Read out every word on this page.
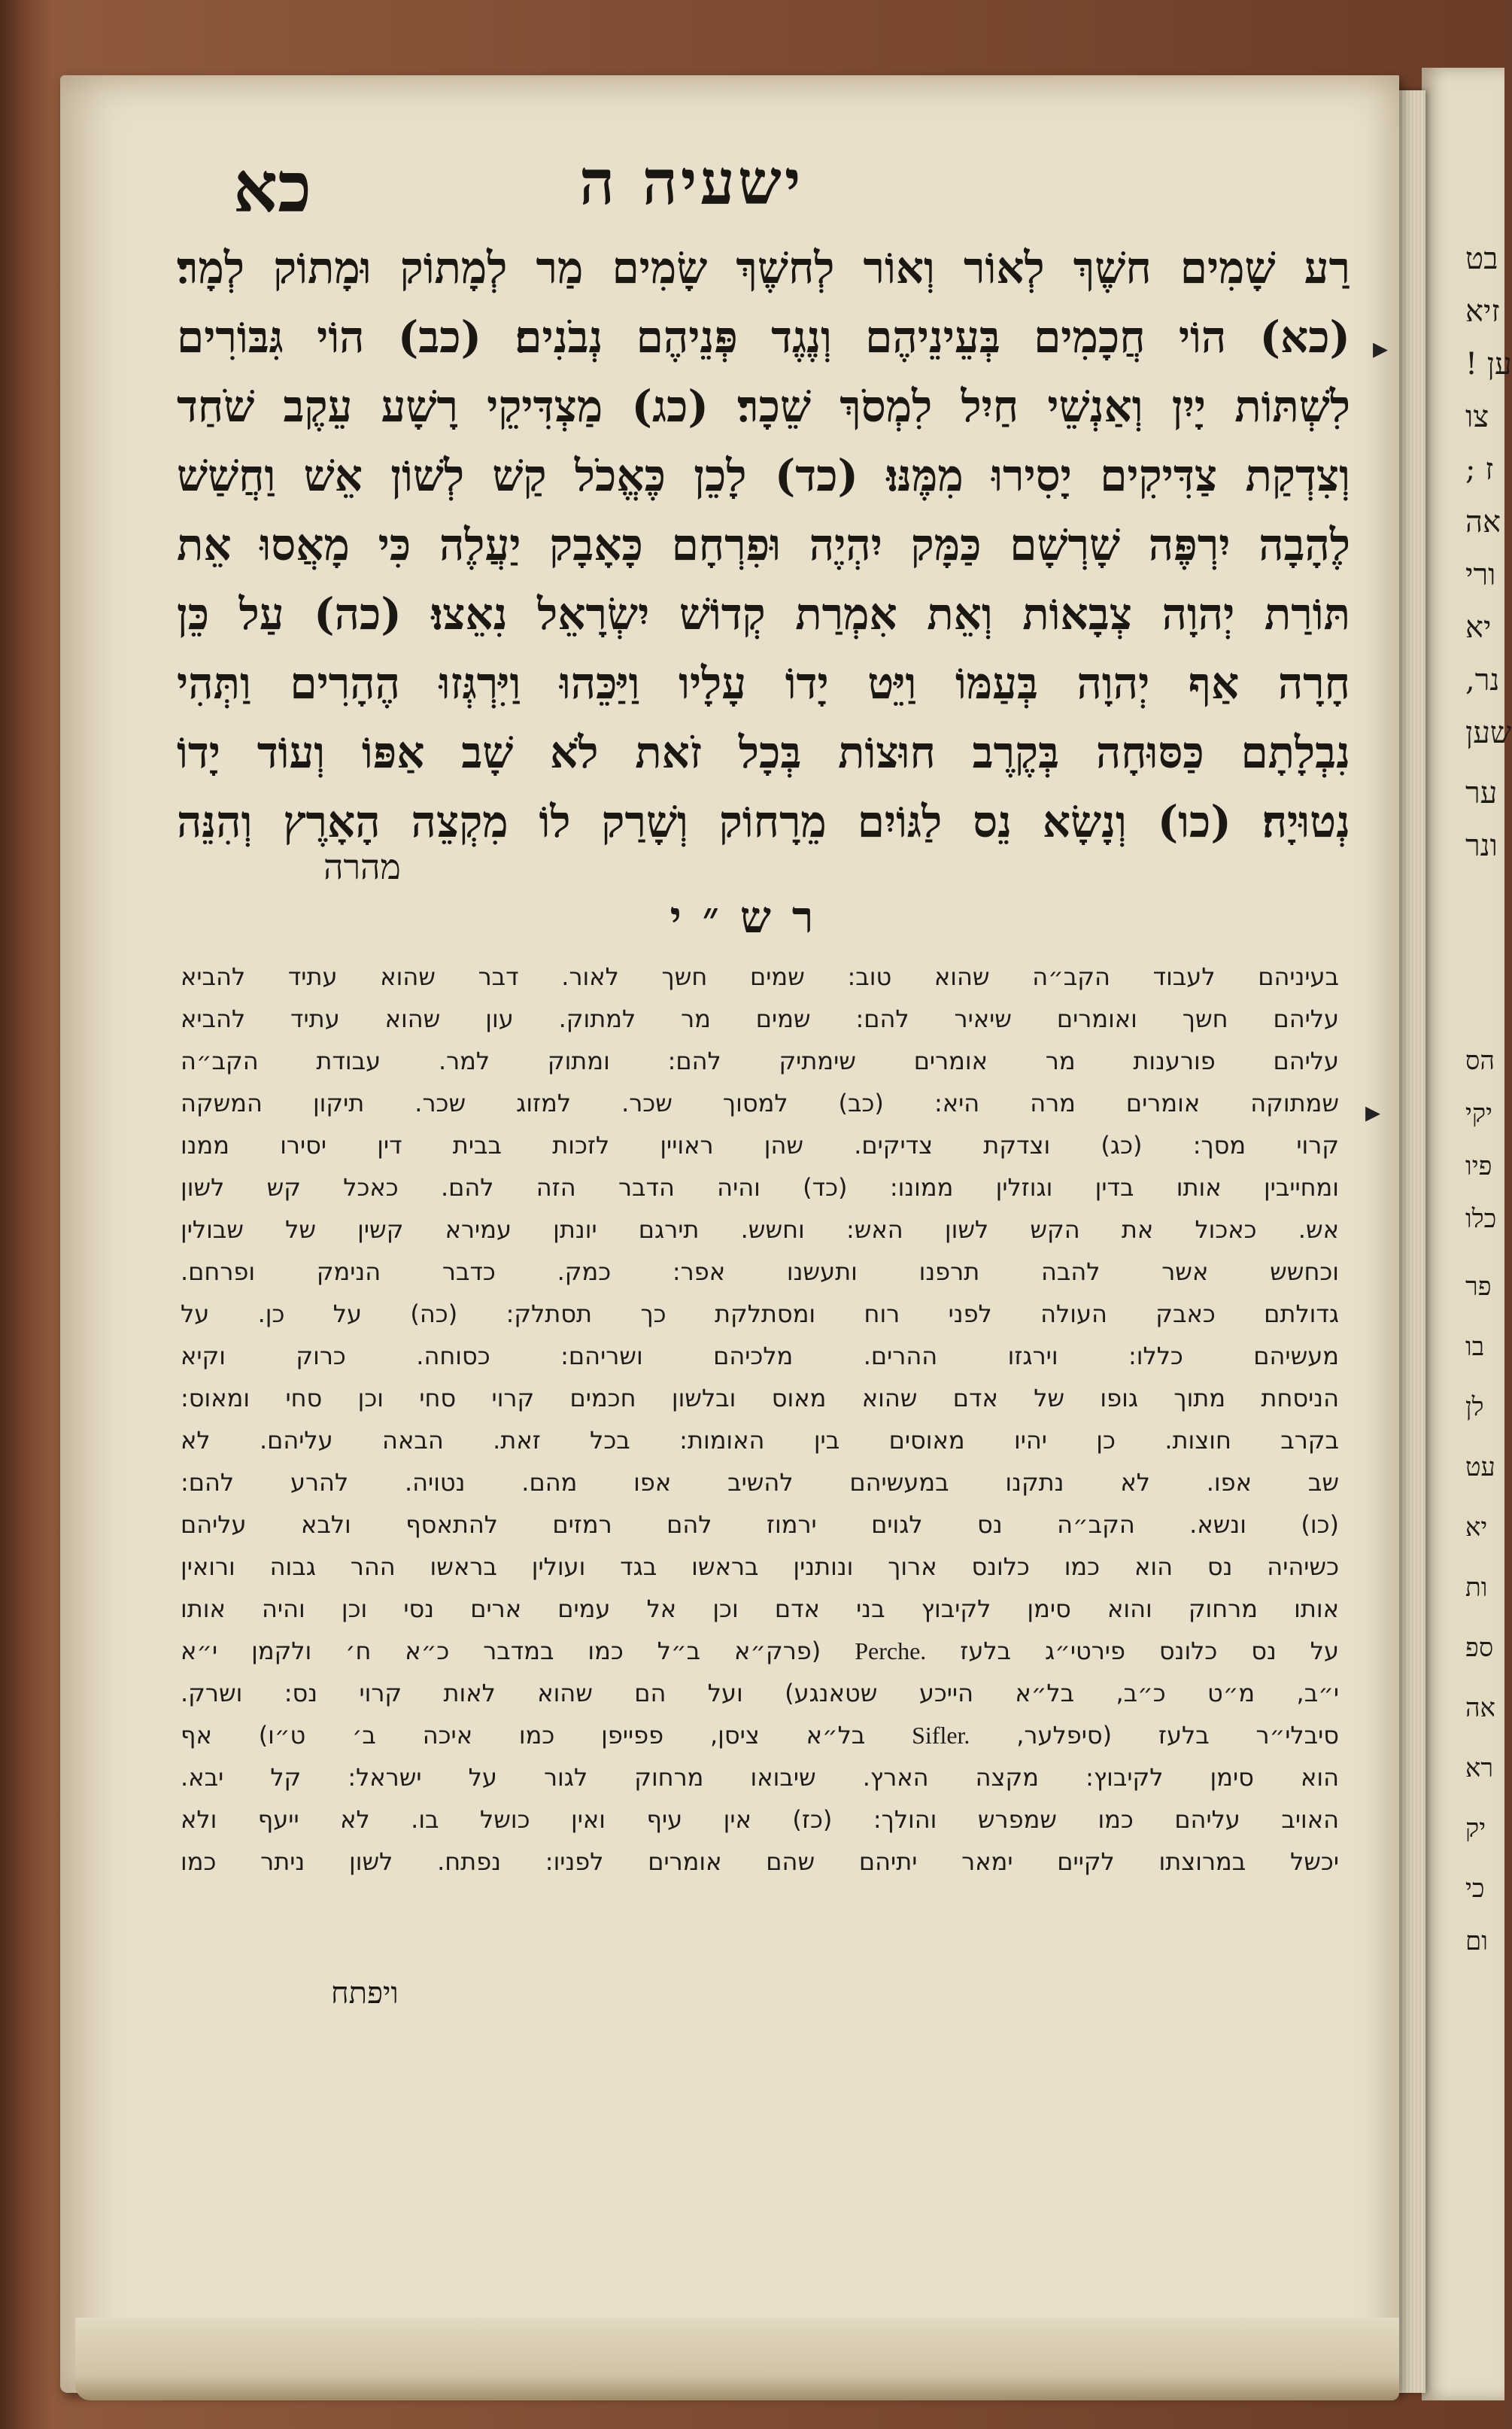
בט
זיא
ען !
צו
ז ;
אה
ורי
יא
נר,
שען
ער
ונר
הס
יקי
פיו
כלו
פר
בו
לן
עט
יא
ות
ספ
אה
רא
יק
כי
ום
כא	ישעיה ה
רַע שָׁמִים חשֶׁךְ לְאוֹר וְאוֹר לְחשֶׁךְ שָׂמִים מַר לְמָתוֹק וּמָתוֹק לְמָר׃
(כא) הוֹי חֲכָמִים בְּעֵינֵיהֶם וְנֶגֶד פְּנֵיהֶם נְבֹנִים׃ (כב) הוֹי גִּבּוֹרִים
לִשְׁתּוֹת יָיִן וְאַנְשֵׁי חַיִל לִמְסֹךְ שֵׁכָר׃ (כג) מַצְדִּיקֵי רָשָׁע עֵקֶב שֹׁחַד
וְצִדְקַת צַדִּיקִים יָסִירוּ מִמֶּנּוּ׃ (כד) לָכֵן כֶּאֱכֹל קַשׁ לְשׁוֹן אֵשׁ וַחֲשַׁשׁ
לֶהָבָה יִרְפֶּה שָׁרְשָׁם כַּמָּק יִהְיֶה וּפִרְחָם כָּאָבָק יַעֲלֶה כִּי מָאֲסוּ אֵת
תּוֹרַת יְהוָה צְבָאוֹת וְאֵת אִמְרַת קְדוֹשׁ יִשְׂרָאֵל נִאֵצוּ׃ (כה) עַל כֵּן
חָרָה אַף יְהוָה בְּעַמּוֹ וַיֵּט יָדוֹ עָלָיו וַיַּכֵּהוּ וַיִּרְגְּזוּ הֶהָרִים וַתְּהִי
נִבְלָתָם כַּסּוּחָה בְּקֶרֶב חוּצוֹת בְּכָל זֹאת לֹא שָׁב אַפּוֹ וְעוֹד יָדוֹ
נְטוּיָה׃ (כו) וְנָשָׂא נֵס לַגּוֹיִם מֵרָחוֹק וְשָׁרַק לוֹ מִקְצֵה הָאָרֶץ וְהִנֵּה
מהרה
רש״י
בעיניהם לעבוד הקב״ה שהוא טוב: שמים חשך לאור. דבר שהוא עתיד להביא
עליהם חשך ואומרים שיאיר להם: שמים מר למתוק. עון שהוא עתיד להביא
עליהם פורענות מר אומרים שימתיק להם: ומתוק למר. עבודת הקב״ה
שמתוקה אומרים מרה היא: (כב) למסוך שכר. למזוג שכר. תיקון המשקה
קרוי מסך: (כג) וצדקת צדיקים. שהן ראויין לזכות בבית דין יסירו ממנו
ומחייבין אותו בדין וגוזלין ממונו: (כד) והיה הדבר הזה להם. כאכל קש לשון
אש. כאכול את הקש לשון האש: וחשש. תירגם יונתן עמירא קשין של שבולין
וכחשש אשר להבה תרפנו ותעשנו אפר: כמק. כדבר הנימק ופרחם.
גדולתם כאבק העולה לפני רוח ומסתלקת כך תסתלק: (כה) על כן. על
מעשיהם כללו: וירגזו ההרים. מלכיהם ושריהם: כסוחה. כרוק וקיא
הניסחת מתוך גופו של אדם שהוא מאוס ובלשון חכמים קרוי סחי וכן סחי ומאוס:
בקרב חוצות. כן יהיו מאוסים בין האומות: בכל זאת. הבאה עליהם. לא
שב אפו. לא נתקנו במעשיהם להשיב אפו מהם. נטויה. להרע להם:
(כו) ונשא. הקב״ה נס לגוים ירמוז להם רמזים להתאסף ולבא עליהם
כשיהיה נס הוא כמו כלונס ארוך ונותנין בראשו בגד ועולין בראשו ההר גבוה ורואין
אותו מרחוק והוא סימן לקיבוץ בני אדם וכן אל עמים ארים נסי וכן והיה אותו
על נס כלונס פירטי״ג בלעז Perche. (פרק״א ב״ל כמו במדבר כ״א ח׳ ולקמן י״א
י״ב, מ״ט כ״ב, בל״א הייכע שטאנגע) ועל הם שהוא לאות קרוי נס: ושרק.
סיבלי״ר בלעז (סיפלער, Sifler. בל״א ציסן, פפייפן כמו איכה ב׳ ט״ו) אף
הוא סימן לקיבוץ: מקצה הארץ. שיבואו מרחוק לגור על ישראל: קל יבא.
האויב עליהם כמו שמפרש והולך: (כז) אין עיף ואין כושל בו. לא ייעף ולא
יכשל במרוצתו לקיים ימאר יתיהם שהם אומרים לפניו: נפתח. לשון ניתר כמו
ויפתח
▸
▸
